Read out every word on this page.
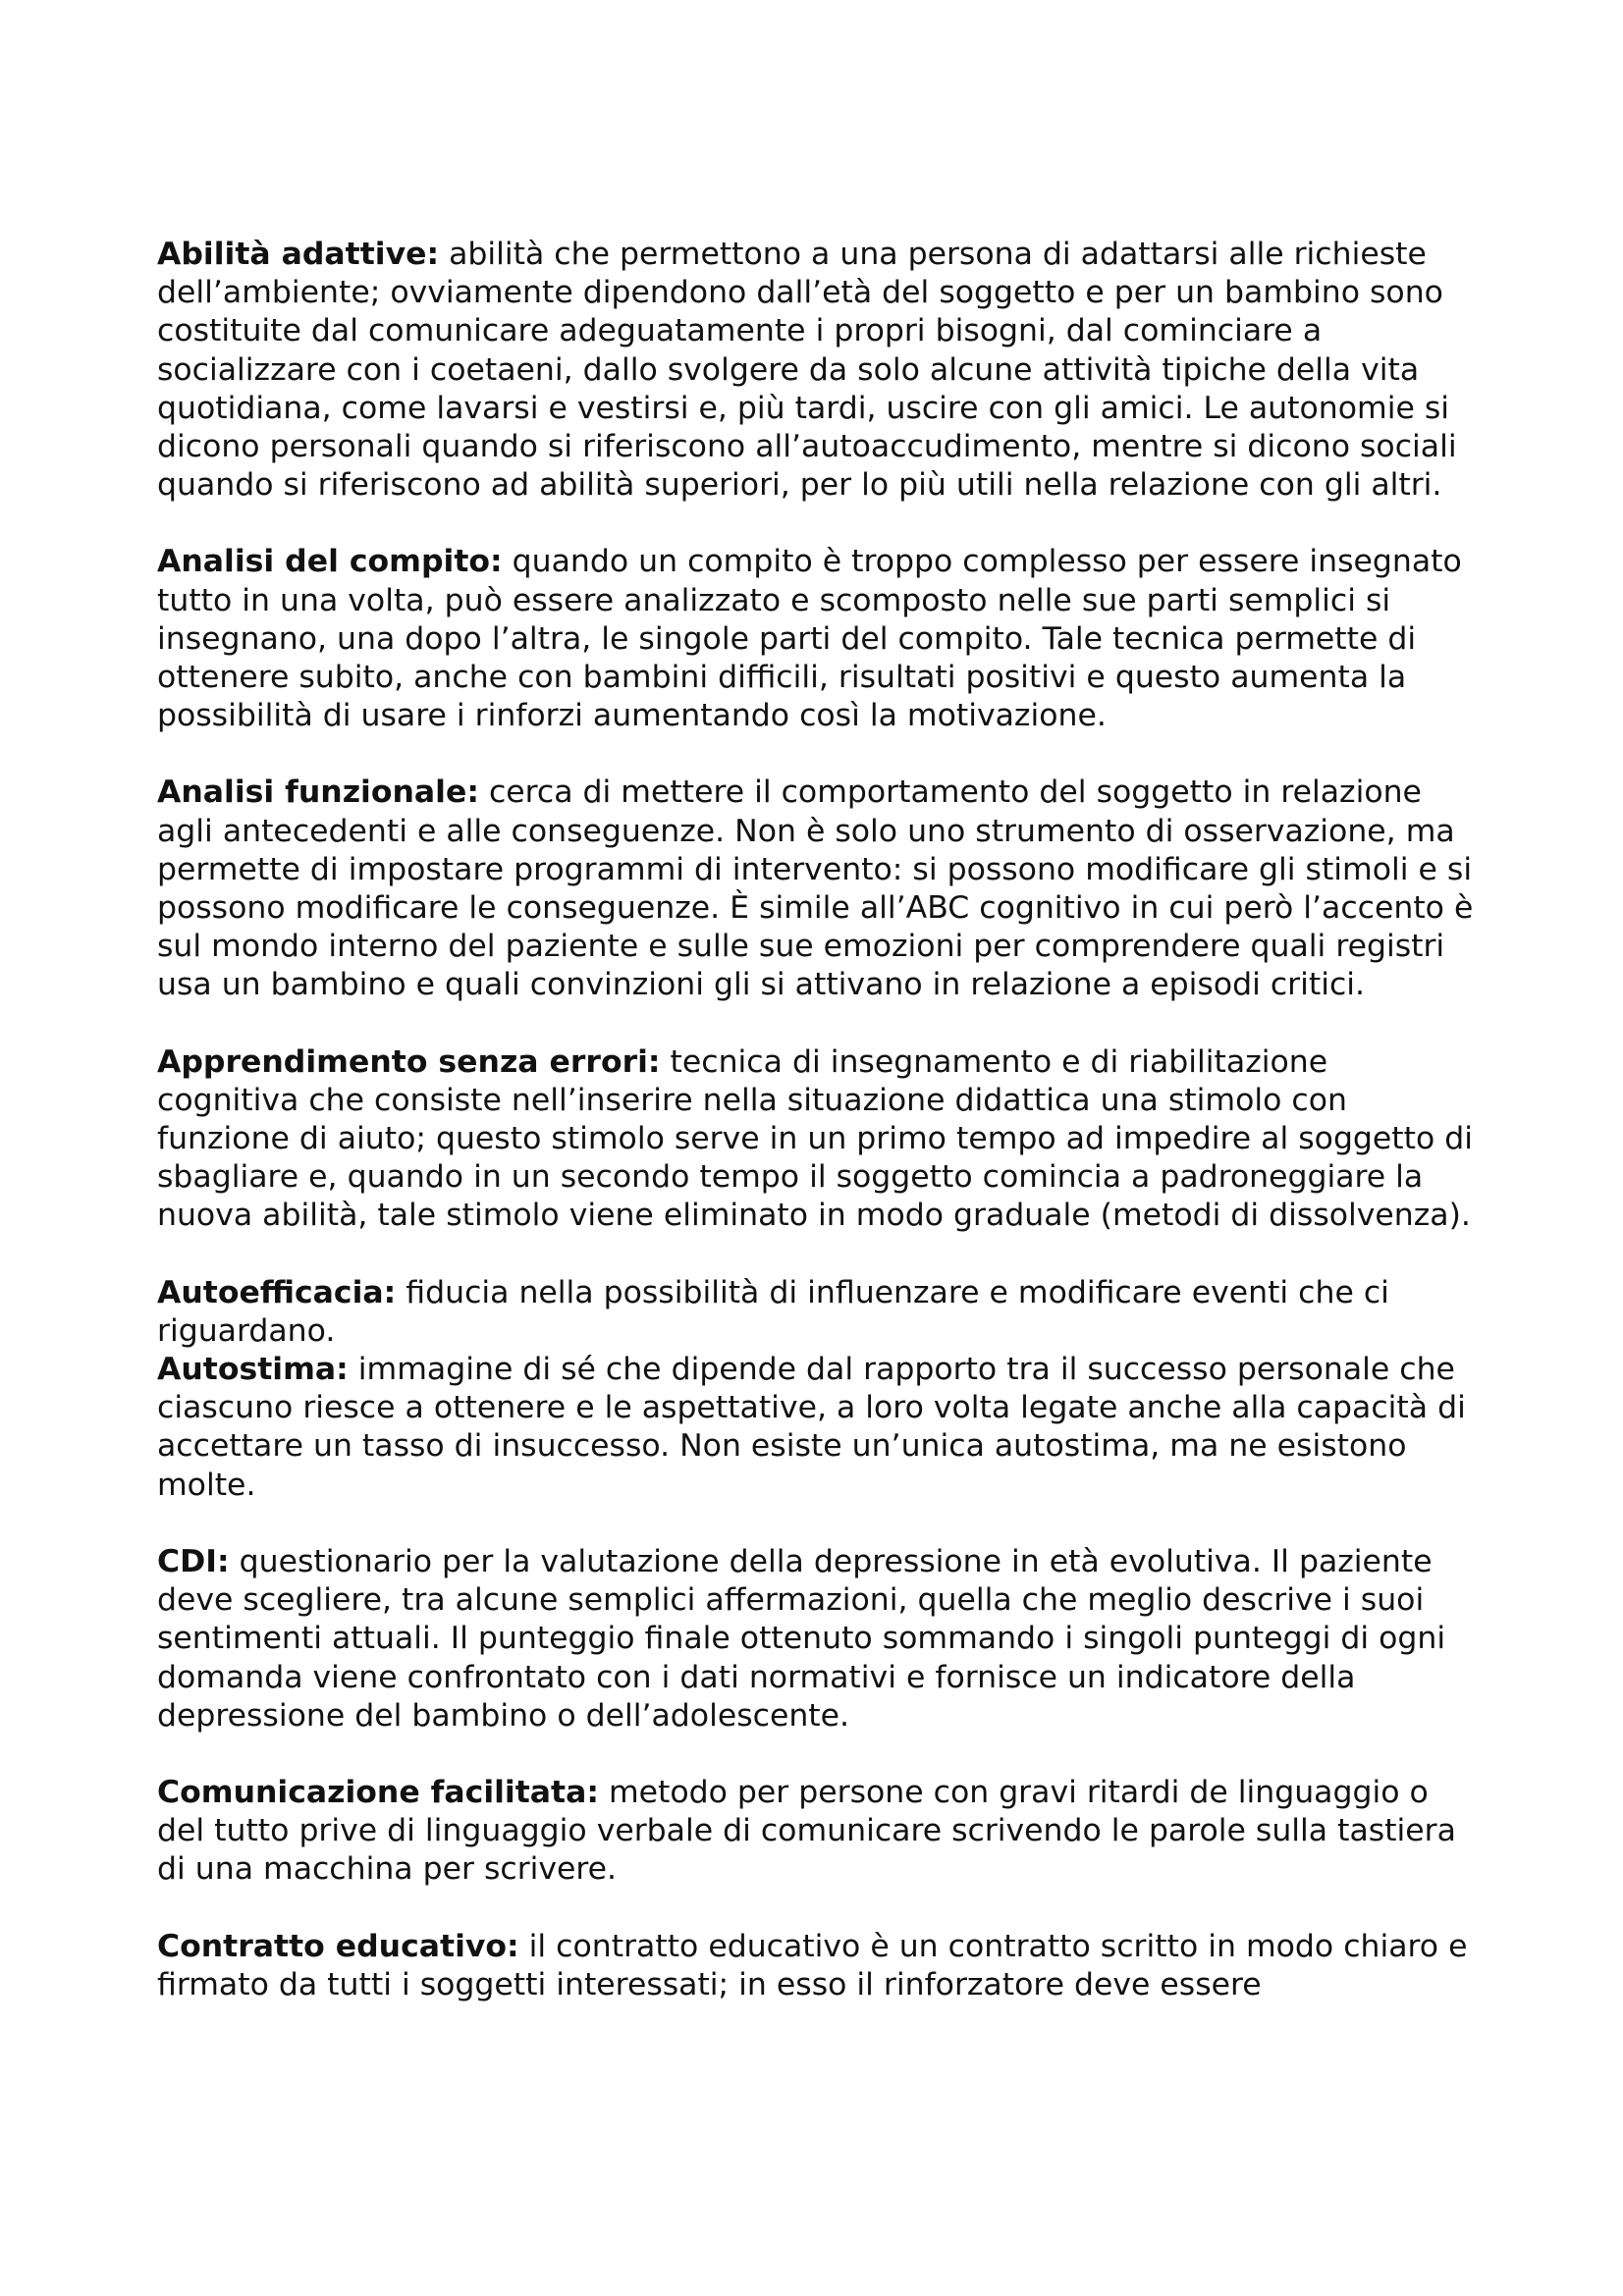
Abilità adattive: abilità che permettono a una persona di adattarsi alle richieste dell’ambiente; ovviamente dipendono dall’età del soggetto e per un bambino sono costituite dal comunicare adeguatamente i propri bisogni, dal cominciare a socializzare con i coetaeni, dallo svolgere da solo alcune attività tipiche della vita quotidiana, come lavarsi e vestirsi e, più tardi, uscire con gli amici. Le autonomie si dicono personali quando si riferiscono all’autoaccudimento, mentre si dicono sociali quando si riferiscono ad abilità superiori, per lo più utili nella relazione con gli altri.

Analisi del compito: quando un compito è troppo complesso per essere insegnato tutto in una volta, può essere analizzato e scomposto nelle sue parti semplici si insegnano, una dopo l’altra, le singole parti del compito. Tale tecnica permette di ottenere subito, anche con bambini difficili, risultati positivi e questo aumenta la possibilità di usare i rinforzi aumentando così la motivazione.

Analisi funzionale: cerca di mettere il comportamento del soggetto in relazione agli antecedenti e alle conseguenze. Non è solo uno strumento di osservazione, ma permette di impostare programmi di intervento: si possono modificare gli stimoli e si possono modificare le conseguenze. È simile all’ABC cognitivo in cui però l’accento è sul mondo interno del paziente e sulle sue emozioni per comprendere quali registri usa un bambino e quali convinzioni gli si attivano in relazione a episodi critici.

Apprendimento senza errori: tecnica di insegnamento e di riabilitazione cognitiva che consiste nell’inserire nella situazione didattica una stimolo con funzione di aiuto; questo stimolo serve in un primo tempo ad impedire al soggetto di sbagliare e, quando in un secondo tempo il soggetto comincia a padroneggiare la nuova abilità, tale stimolo viene eliminato in modo graduale (metodi di dissolvenza).

Autoefficacia: fiducia nella possibilità di influenzare e modificare eventi che ci riguardano.

Autostima: immagine di sé che dipende dal rapporto tra il successo personale che ciascuno riesce a ottenere e le aspettative, a loro volta legate anche alla capacità di accettare un tasso di insuccesso. Non esiste un’unica autostima, ma ne esistono molte.

CDI: questionario per la valutazione della depressione in età evolutiva. Il paziente deve scegliere, tra alcune semplici affermazioni, quella che meglio descrive i suoi sentimenti attuali. Il punteggio finale ottenuto sommando i singoli punteggi di ogni domanda viene confrontato con i dati normativi e fornisce un indicatore della depressione del bambino o dell’adolescente.

Comunicazione facilitata: metodo per persone con gravi ritardi de linguaggio o del tutto prive di linguaggio verbale di comunicare scrivendo le parole sulla tastiera di una macchina per scrivere.

Contratto educativo: il contratto educativo è un contratto scritto in modo chiaro e firmato da tutti i soggetti interessati; in esso il rinforzatore deve essere
